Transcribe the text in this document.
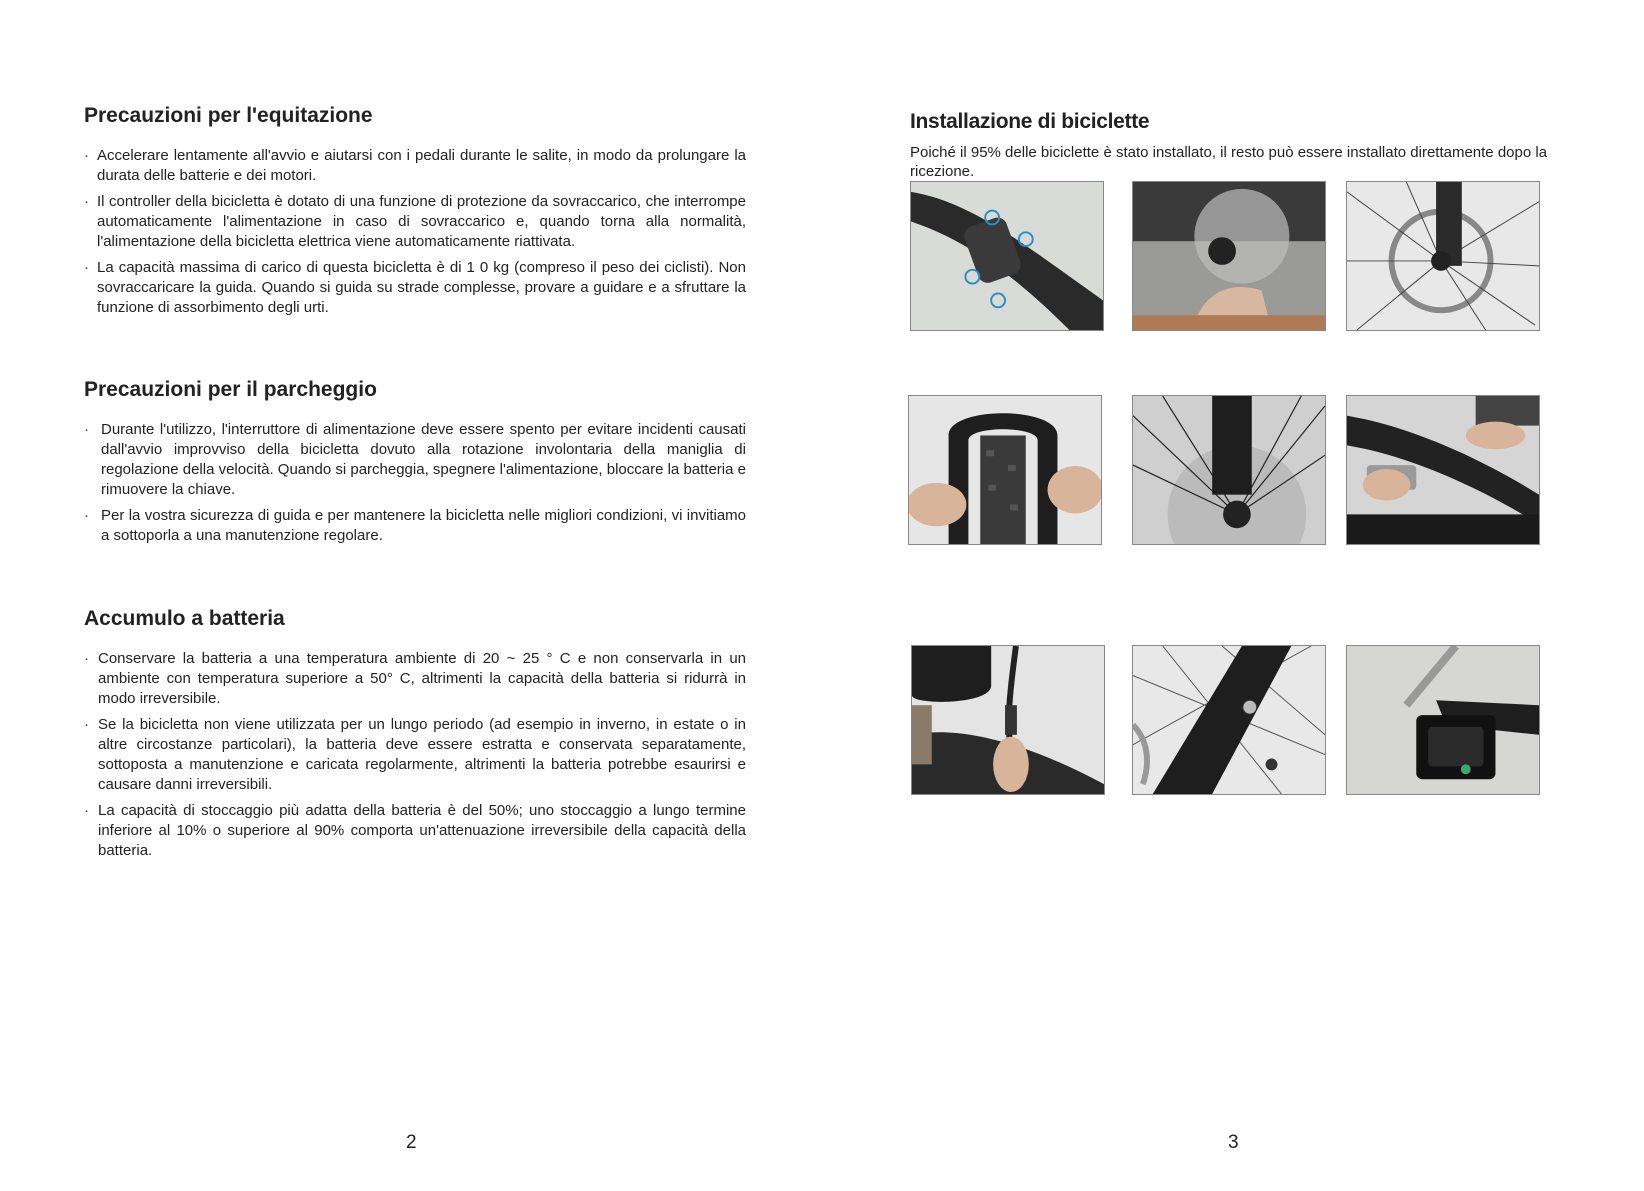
Precauzioni per l'equitazione
· Accelerare lentamente all'avvio e aiutarsi con i pedali durante le salite, in modo da prolungare la durata delle batterie e dei motori.
· Il controller della bicicletta è dotato di una funzione di protezione da sovraccarico, che interrompe automaticamente l'alimentazione in caso di sovraccarico e, quando torna alla normalità, l'alimentazione della bicicletta elettrica viene automaticamente riattivata.
· La capacità massima di carico di questa bicicletta è di 1 0 kg (compreso il peso dei ciclisti). Non sovraccaricare la guida. Quando si guida su strade complesse, provare a guidare e a sfruttare la funzione di assorbimento degli urti.
Precauzioni per il parcheggio
· Durante l'utilizzo, l'interruttore di alimentazione deve essere spento per evitare incidenti causati dall'avvio improvviso della bicicletta dovuto alla rotazione involontaria della maniglia di regolazione della velocità. Quando si parcheggia, spegnere l'alimentazione, bloccare la batteria e rimuovere la chiave.
· Per la vostra sicurezza di guida e per mantenere la bicicletta nelle migliori condizioni, vi invitiamo a sottoporla a una manutenzione regolare.
Accumulo a batteria
· Conservare la batteria a una temperatura ambiente di 20 ~ 25 ° C e non conservarla in un ambiente con temperatura superiore a 50° C, altrimenti la capacità della batteria si ridurrà in modo irreversibile.
· Se la bicicletta non viene utilizzata per un lungo periodo (ad esempio in inverno, in estate o in altre circostanze particolari), la batteria deve essere estratta e conservata separatamente, sottoposta a manutenzione e caricata regolarmente, altrimenti la batteria potrebbe esaurirsi e causare danni irreversibili.
· La capacità di stoccaggio più adatta della batteria è del 50%; uno stoccaggio a lungo termine inferiore al 10% o superiore al 90% comporta un'attenuazione irreversibile della capacità della batteria.
2
Installazione di biciclette

Poiché il 95% delle biciclette è stato installato, il resto può essere installato direttamente dopo la ricezione.

3
